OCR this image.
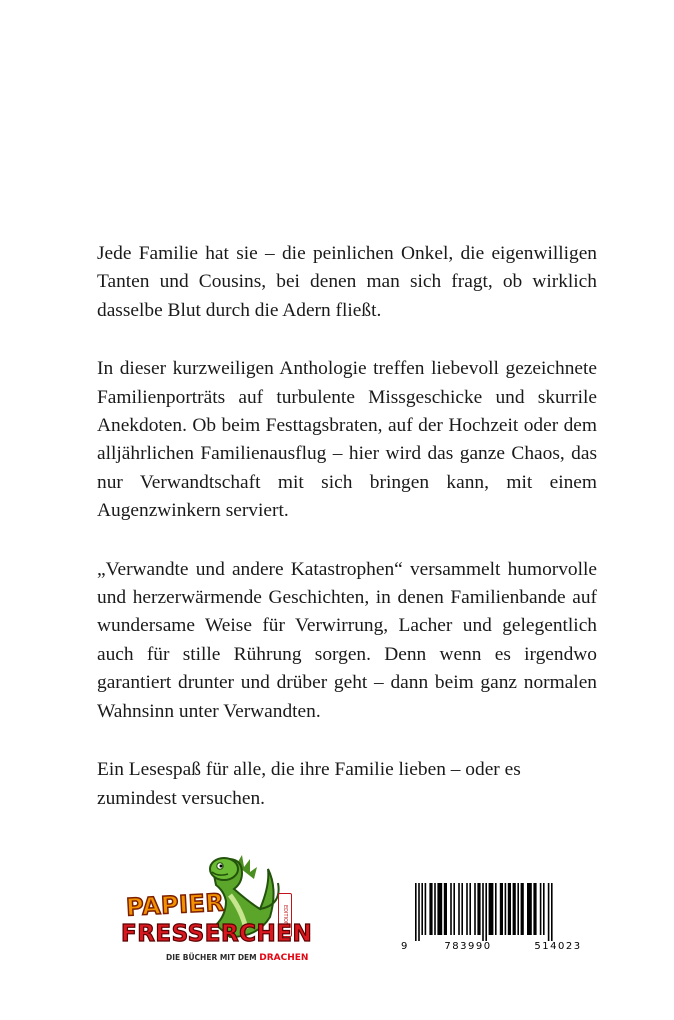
Jede Familie hat sie – die peinlichen Onkel, die eigenwilligen Tanten und Cousins, bei denen man sich fragt, ob wirklich dasselbe Blut durch die Adern fließt.

In dieser kurzweiligen Anthologie treffen liebevoll gezeichnete Familienporträts auf turbulente Missgeschicke und skurrile Anekdoten. Ob beim Festtagsbraten, auf der Hochzeit oder dem alljährlichen Familienausflug – hier wird das ganze Chaos, das nur Verwandtschaft mit sich bringen kann, mit einem Augenzwinkern serviert.

„Verwandte und andere Katastrophen“ versammelt humorvolle und herzerwärmende Geschichten, in denen Familienbande auf wundersame Weise für Verwirrung, Lacher und gelegentlich auch für stille Rührung sorgen. Denn wenn es irgendwo garantiert drunter und drüber geht – dann beim ganz normalen Wahnsinn unter Verwandten.

Ein Lesespaß für alle, die ihre Familie lieben – oder es zumindest versuchen.

EDITION
PAPIER
FRESSERCHEN
DIE BÜCHER MIT DEM DRACHEN
9	783990	514023
